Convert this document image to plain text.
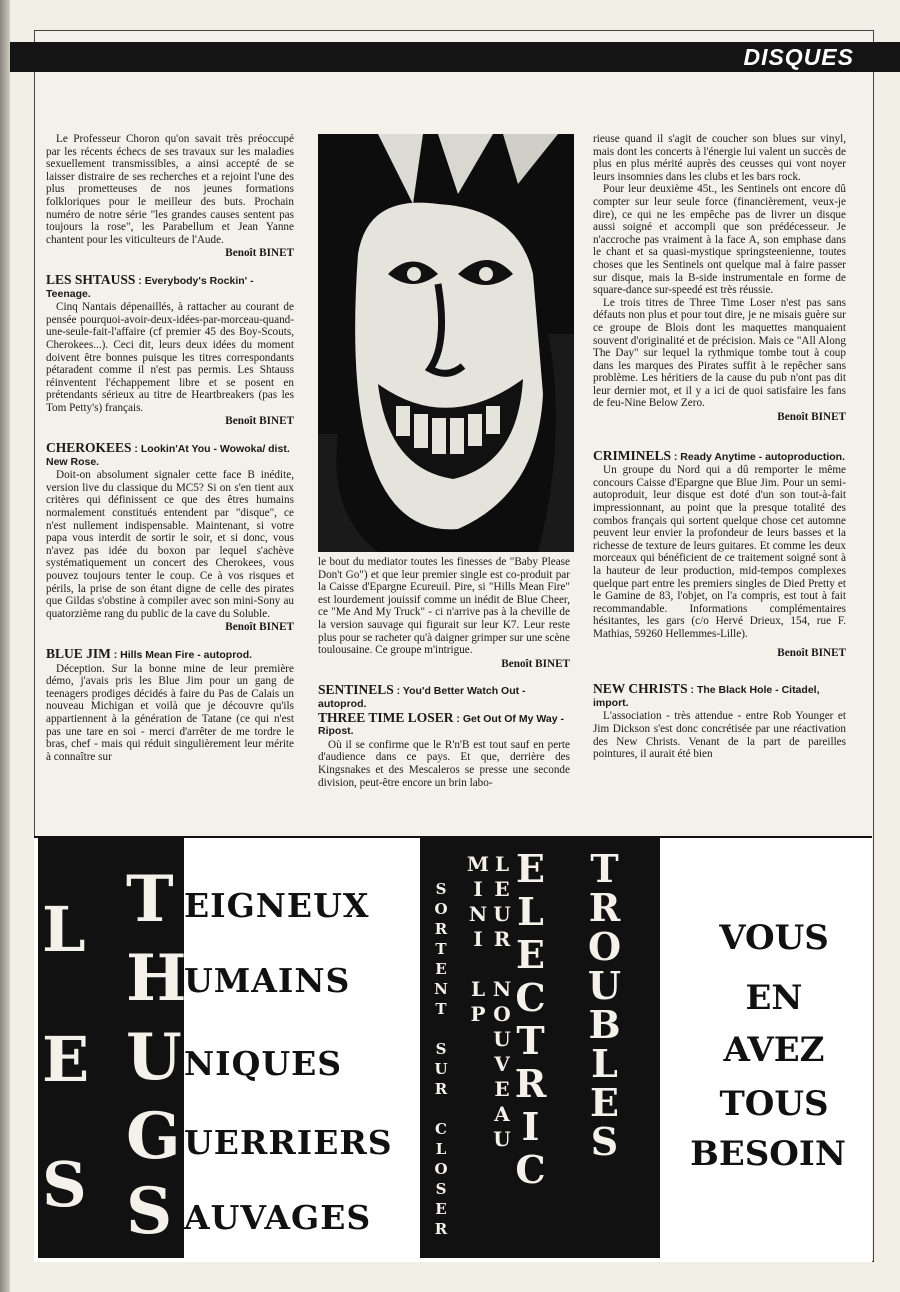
DISQUES

Le Professeur Choron qu'on savait très préoccupé par les récents échecs de ses travaux sur les maladies sexuellement transmissibles, a ainsi accepté de se laisser distraire de ses recherches et a rejoint l'une des plus prometteuses de nos jeunes formations folkloriques pour le meilleur des buts. Prochain numéro de notre série "les grandes causes sentent pas toujours la rose", les Parabellum et Jean Yanne chantent pour les viticulteurs de l'Aude.

Benoît BINET

LES SHTAUSS : Everybody's Rockin' - Teenage.

Cinq Nantais dépenaillés, à rattacher au courant de pensée pourquoi-avoir-deux-idées-par-morceau-quand-une-seule-fait-l'affaire (cf premier 45 des Boy-Scouts, Cherokees...). Ceci dit, leurs deux idées du moment doivent être bonnes puisque les titres correspondants pétaradent comme il n'est pas permis. Les Shtauss réinventent l'échappement libre et se posent en prétendants sérieux au titre de Heartbreakers (pas les Tom Petty's) français.

Benoît BINET

CHEROKEES : Lookin'At You - Wowoka/ dist. New Rose.

Doit-on absolument signaler cette face B inédite, version live du classique du MC5? Si on s'en tient aux critères qui définissent ce que des êtres humains normalement constitués entendent par "disque", ce n'est nullement indispensable. Maintenant, si votre papa vous interdit de sortir le soir, et si donc, vous n'avez pas idée du boxon par lequel s'achève systématiquement un concert des Cherokees, vous pouvez toujours tenter le coup. Ce à vos risques et périls, la prise de son étant digne de celle des pirates que Gildas s'obstine à compiler avec son mini-Sony au quatorzième rang du public de la cave du Soluble.

Benoît BINET

BLUE JIM : Hills Mean Fire - autoprod.

Déception. Sur la bonne mine de leur première démo, j'avais pris les Blue Jim pour un gang de teenagers prodiges décidés à faire du Pas de Calais un nouveau Michigan et voilà que je découvre qu'ils appartiennent à la génération de Tatane (ce qui n'est pas une tare en soi - merci d'arrêter de me tordre le bras, chef - mais qui réduit singulièrement leur mérite à connaître sur

le bout du mediator toutes les finesses de "Baby Please Don't Go") et que leur premier single est co-produit par la Caisse d'Epargne Ecureuil. Pire, si "Hills Mean Fire" est lourdement jouissif comme un inédit de Blue Cheer, ce "Me And My Truck" - ci n'arrive pas à la cheville de la version sauvage qui figurait sur leur K7. Leur reste plus pour se racheter qu'à daigner grimper sur une scène toulousaine. Ce groupe m'intrigue.

Benoît BINET

SENTINELS : You'd Better Watch Out - autoprod.
THREE TIME LOSER : Get Out Of My Way - Ripost.

Où il se confirme que le R'n'B est tout sauf en perte d'audience dans ce pays. Et que, derrière des Kingsnakes et des Mescaleros se presse une seconde division, peut-être encore un brin labo-

rieuse quand il s'agit de coucher son blues sur vinyl, mais dont les concerts à l'énergie lui valent un succès de plus en plus mérité auprès des ceusses qui vont noyer leurs insomnies dans les clubs et les bars rock.

Pour leur deuxième 45t., les Sentinels ont encore dû compter sur leur seule force (financièrement, veux-je dire), ce qui ne les empêche pas de livrer un disque aussi soigné et accompli que son prédécesseur. Je n'accroche pas vraiment à la face A, son emphase dans le chant et sa quasi-mystique springsteenienne, toutes choses que les Sentinels ont quelque mal à faire passer sur disque, mais la B-side instrumentale en forme de square-dance sur-speedé est très réussie.

Le trois titres de Three Time Loser n'est pas sans défauts non plus et pour tout dire, je ne misais guère sur ce groupe de Blois dont les maquettes manquaient souvent d'originalité et de précision. Mais ce "All Along The Day" sur lequel la rythmique tombe tout à coup dans les marques des Pirates suffit à le repêcher sans problème. Les héritiers de la cause du pub n'ont pas dit leur dernier mot, et il y a ici de quoi satisfaire les fans de feu-Nine Below Zero.

Benoît BINET

CRIMINELS : Ready Anytime - autoproduction.

Un groupe du Nord qui a dû remporter le même concours Caisse d'Epargne que Blue Jim. Pour un semi-autoproduit, leur disque est doté d'un son tout-à-fait impressionnant, au point que la presque totalité des combos français qui sortent quelque chose cet automne peuvent leur envier la profondeur de leurs basses et la richesse de texture de leurs guitares. Et comme les deux morceaux qui bénéficient de ce traitement soigné sont à la hauteur de leur production, mid-tempos complexes quelque part entre les premiers singles de Died Pretty et le Gamine de 83, l'objet, on l'a compris, est tout à fait recommandable. Informations complémentaires hésitantes, les gars (c/o Hervé Drieux, 154, rue F. Mathias, 59260 Hellemmes-Lille).

Benoît BINET

NEW CHRISTS : The Black Hole - Citadel, import.

L'association - très attendue - entre Rob Younger et Jim Dickson s'est donc concrétisée par une réactivation des New Christs. Venant de la part de pareilles pointures, il aurait été bien

L
E
S
T EIGNEUX
H
UMAINS
U NIQUES
G UERRIERS
S AUVAGES	SORTENT SUR CLOSER	LEUR NOUVEAU MINI LP ELECTRIC TROUBLES	VOUS
EN
AVEZ
TOUS
BESOIN
